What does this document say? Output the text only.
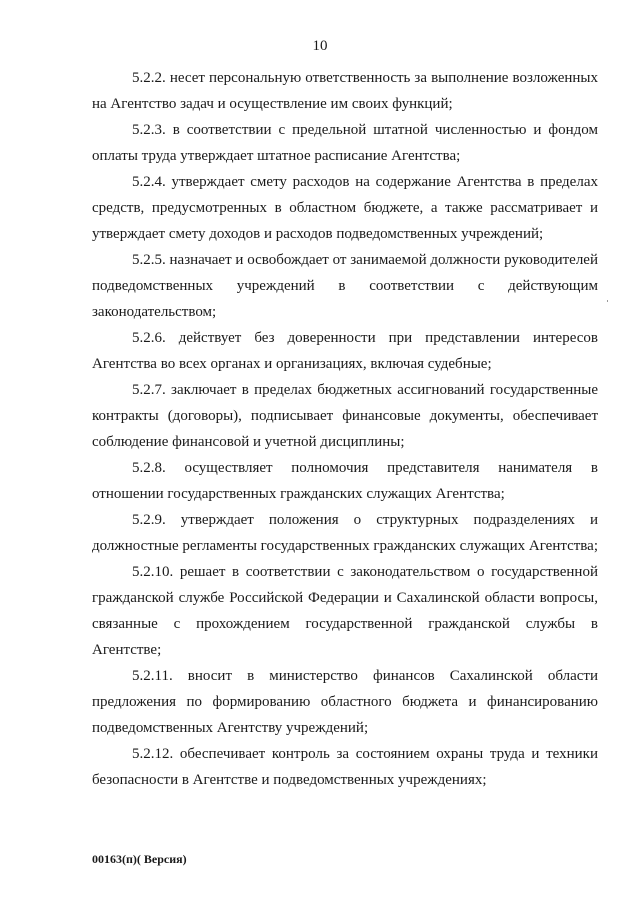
10

5.2.2. несет персональную ответственность за выполнение возложенных на Агентство задач и осуществление им своих функций;

5.2.3. в соответствии с предельной штатной численностью и фондом оплаты труда утверждает штатное расписание Агентства;

5.2.4. утверждает смету расходов на содержание Агентства в пределах средств, предусмотренных в областном бюджете, а также рассматривает и утверждает смету доходов и расходов подведомственных учреждений;

5.2.5. назначает и освобождает от занимаемой должности руководителей подведомственных учреждений в соответствии с действующим законодательством;

5.2.6. действует без доверенности при представлении интересов Агентства во всех органах и организациях, включая судебные;

5.2.7. заключает в пределах бюджетных ассигнований государственные контракты (договоры), подписывает финансовые документы, обеспечивает соблюдение финансовой и учетной дисциплины;

5.2.8. осуществляет полномочия представителя нанимателя в отношении государственных гражданских служащих Агентства;

5.2.9. утверждает положения о структурных подразделениях и должностные регламенты государственных гражданских служащих Агентства;

5.2.10. решает в соответствии с законодательством о государственной гражданской службе Российской Федерации и Сахалинской области вопросы, связанные с прохождением государственной гражданской службы в Агентстве;

5.2.11. вносит в министерство финансов Сахалинской области предложения по формированию областного бюджета и финансированию подведомственных Агентству учреждений;

5.2.12. обеспечивает контроль за состоянием охраны труда и техники безопасности в Агентстве и подведомственных учреждениях;

00163(п)( Версия)
